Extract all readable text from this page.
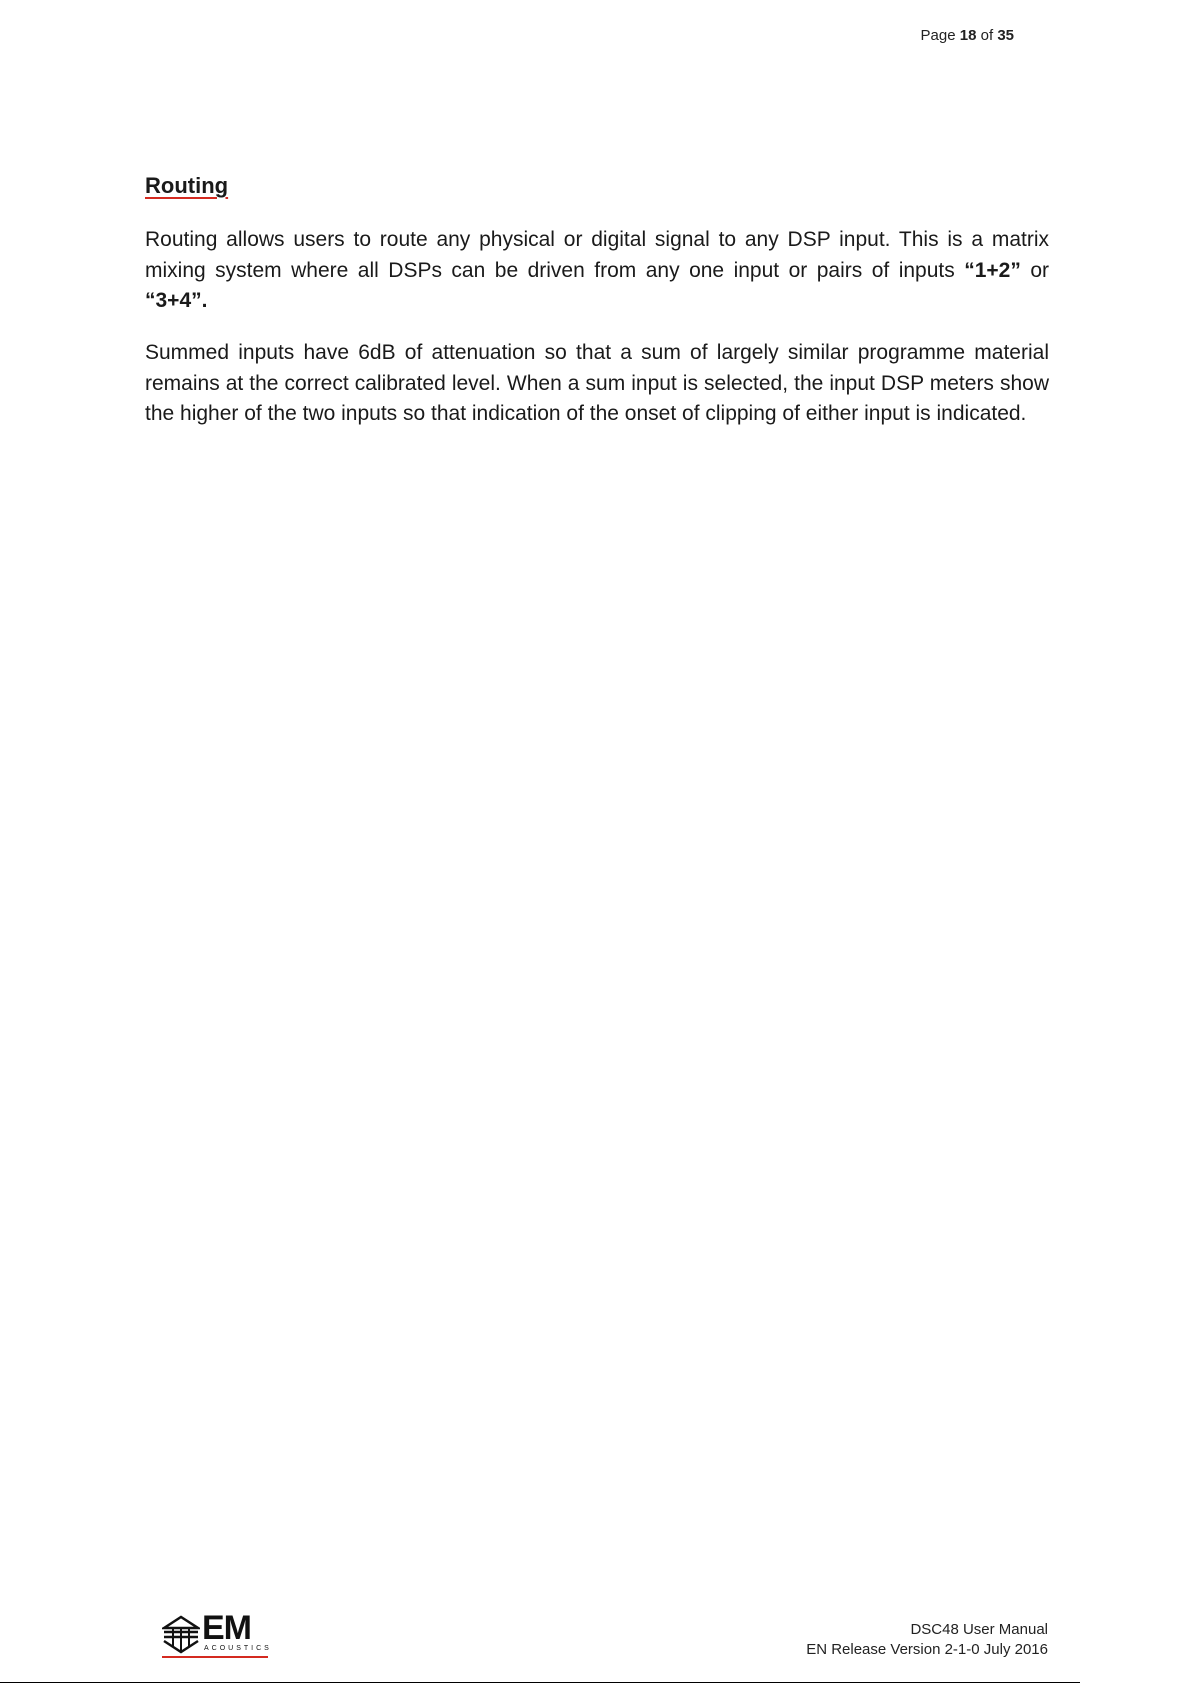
Page 18 of 35
Routing

Routing allows users to route any physical or digital signal to any DSP input. This is a matrix mixing system where all DSPs can be driven from any one input or pairs of inputs “1+2” or “3+4”.

Summed inputs have 6dB of attenuation so that a sum of largely similar programme material remains at the correct calibrated level. When a sum input is selected, the input DSP meters show the higher of the two inputs so that indication of the onset of clipping of either input is indicated.

EM
ACOUSTICS
DSC48 User Manual
EN Release Version 2-1-0 July 2016
